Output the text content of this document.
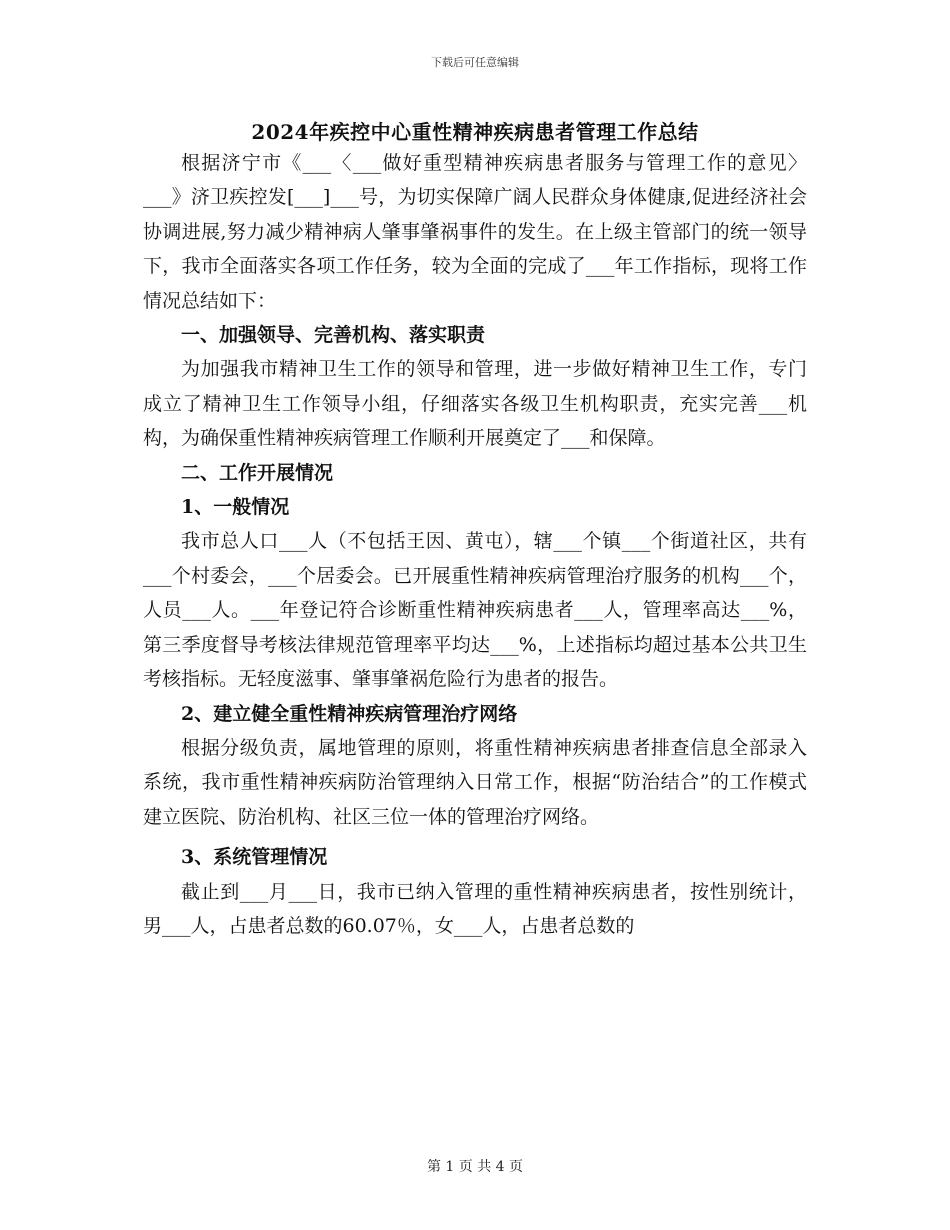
下载后可任意编辑
2024年疾控中心重性精神疾病患者管理工作总结

根据济宁市《___〈___做好重型精神疾病患者服务与管理工作的意见〉___》济卫疾控发[___]___号，为切实保障广阔人民群众身体健康,促进经济社会协调进展,努力减少精神病人肇事肇祸事件的发生。在上级主管部门的统一领导下，我市全面落实各项工作任务，较为全面的完成了___年工作指标，现将工作情况总结如下：

一、加强领导、完善机构、落实职责

为加强我市精神卫生工作的领导和管理，进一步做好精神卫生工作，专门成立了精神卫生工作领导小组，仔细落实各级卫生机构职责，充实完善___机构，为确保重性精神疾病管理工作顺利开展奠定了___和保障。

二、工作开展情况

1、一般情况

我市总人口___人（不包括王因、黄屯），辖___个镇___个街道社区，共有___个村委会，___个居委会。已开展重性精神疾病管理治疗服务的机构___个，人员___人。___年登记符合诊断重性精神疾病患者___人，管理率高达___%，第三季度督导考核法律规范管理率平均达___%，上述指标均超过基本公共卫生考核指标。无轻度滋事、肇事肇祸危险行为患者的报告。

2、建立健全重性精神疾病管理治疗网络

根据分级负责，属地管理的原则，将重性精神疾病患者排查信息全部录入系统，我市重性精神疾病防治管理纳入日常工作，根据“防治结合”的工作模式建立医院、防治机构、社区三位一体的管理治疗网络。

3、系统管理情况

截止到___月___日，我市已纳入管理的重性精神疾病患者，按性别统计，男___人，占患者总数的60.07％，女___人，占患者总数的

第 1 页 共 4 页
